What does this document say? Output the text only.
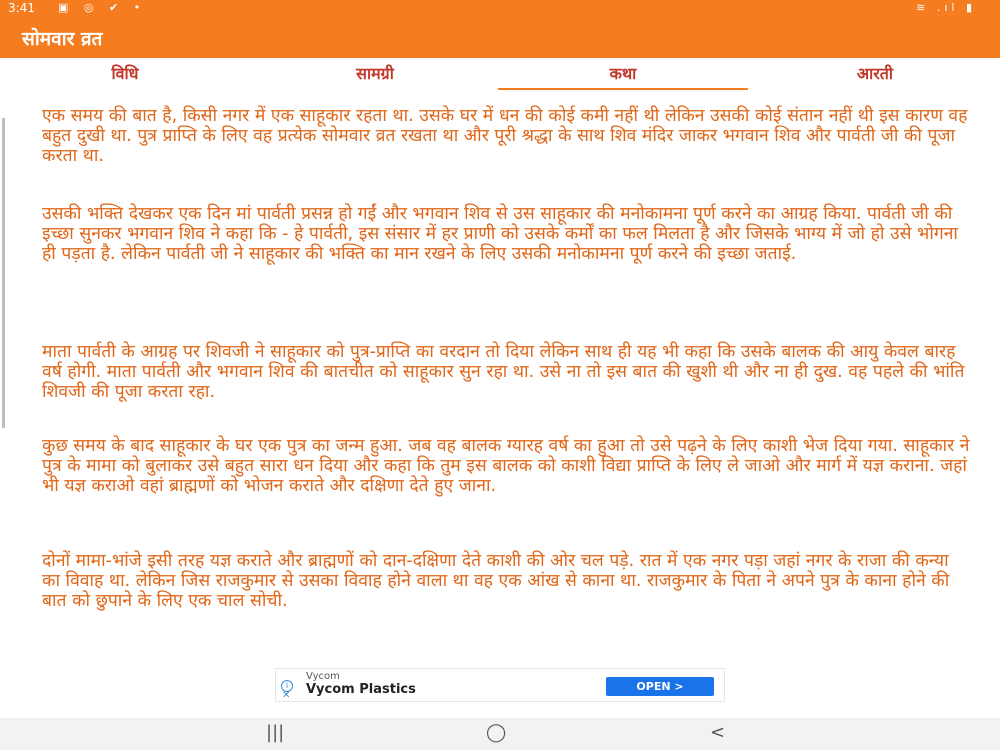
3:41 ▣ ◎ ✔ •	≋ .ıl ▮
सोमवार व्रत
विधि	सामग्री	कथा	आरती

एक समय की बात है, किसी नगर में एक साहूकार रहता था. उसके घर में धन की कोई कमी नहीं थी लेकिन उसकी कोई संतान नहीं थी इस कारण वह बहुत दुखी था. पुत्र प्राप्ति के लिए वह प्रत्येक सोमवार व्रत रखता था और पूरी श्रद्धा के साथ शिव मंदिर जाकर भगवान शिव और पार्वती जी की पूजा करता था.

उसकी भक्ति देखकर एक दिन मां पार्वती प्रसन्न हो गईं और भगवान शिव से उस साहूकार की मनोकामना पूर्ण करने का आग्रह किया. पार्वती जी की इच्छा सुनकर भगवान शिव ने कहा कि - हे पार्वती, इस संसार में हर प्राणी को उसके कर्मों का फल मिलता है और जिसके भाग्य में जो हो उसे भोगना ही पड़ता है. लेकिन पार्वती जी ने साहूकार की भक्ति का मान रखने के लिए उसकी मनोकामना पूर्ण करने की इच्छा जताई.

माता पार्वती के आग्रह पर शिवजी ने साहूकार को पुत्र-प्राप्ति का वरदान तो दिया लेकिन साथ ही यह भी कहा कि उसके बालक की आयु केवल बारह वर्ष होगी. माता पार्वती और भगवान शिव की बातचीत को साहूकार सुन रहा था. उसे ना तो इस बात की खुशी थी और ना ही दुख. वह पहले की भांति शिवजी की पूजा करता रहा.

कुछ समय के बाद साहूकार के घर एक पुत्र का जन्म हुआ. जब वह बालक ग्यारह वर्ष का हुआ तो उसे पढ़ने के लिए काशी भेज दिया गया. साहूकार ने पुत्र के मामा को बुलाकर उसे बहुत सारा धन दिया और कहा कि तुम इस बालक को काशी विद्या प्राप्ति के लिए ले जाओ और मार्ग में यज्ञ कराना. जहां भी यज्ञ कराओ वहां ब्राह्मणों को भोजन कराते और दक्षिणा देते हुए जाना.

दोनों मामा-भांजे इसी तरह यज्ञ कराते और ब्राह्मणों को दान-दक्षिणा देते काशी की ओर चल पड़े. रात में एक नगर पड़ा जहां नगर के राजा की कन्या का विवाह था. लेकिन जिस राजकुमार से उसका विवाह होने वाला था वह एक आंख से काना था. राजकुमार के पिता ने अपने पुत्र के काना होने की बात को छुपाने के लिए एक चाल सोची.

i
✕
Vycom
Vycom Plastics	OPEN >
|||	◯	<
